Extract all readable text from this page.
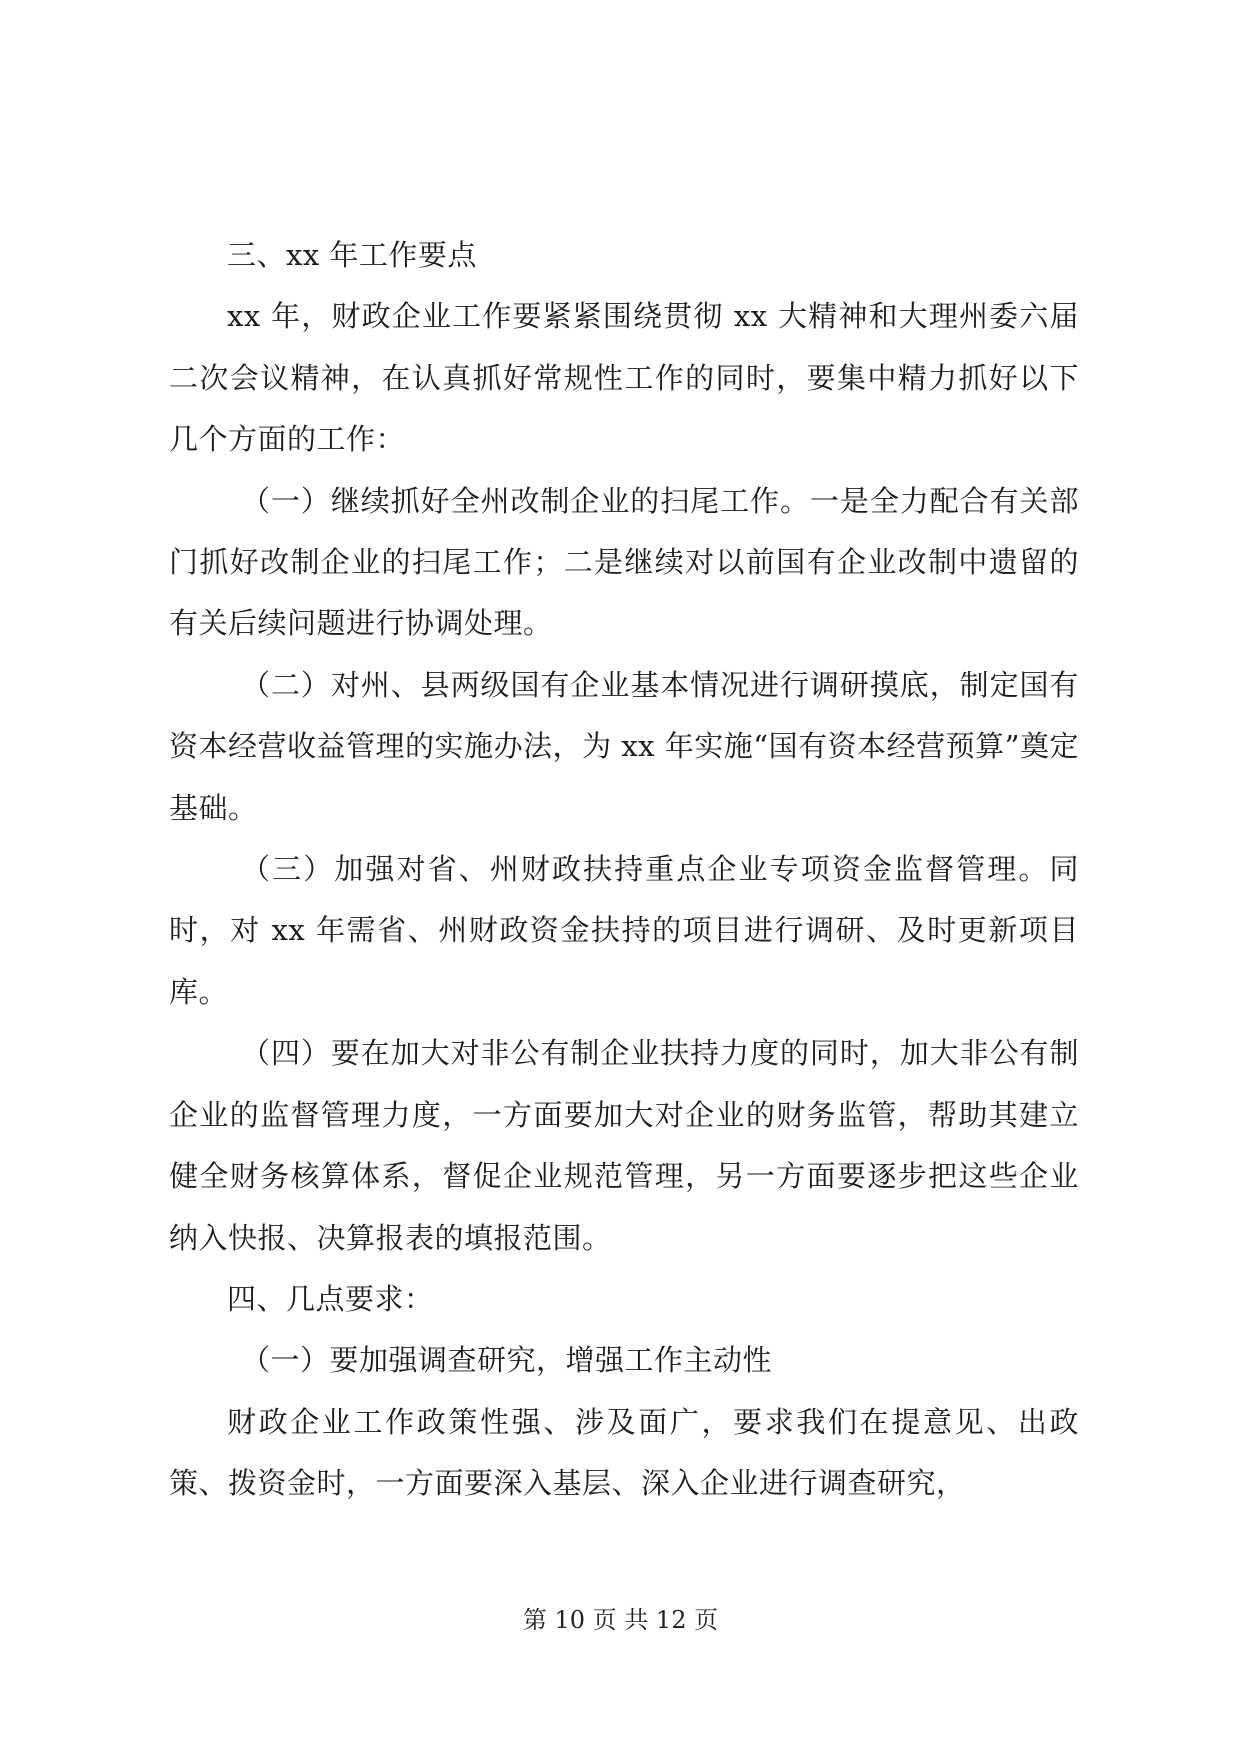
三、xx 年工作要点

xx 年，财政企业工作要紧紧围绕贯彻 xx 大精神和大理州委六届二次会议精神，在认真抓好常规性工作的同时，要集中精力抓好以下几个方面的工作：

（一）继续抓好全州改制企业的扫尾工作。一是全力配合有关部门抓好改制企业的扫尾工作；二是继续对以前国有企业改制中遗留的有关后续问题进行协调处理。

（二）对州、县两级国有企业基本情况进行调研摸底，制定国有资本经营收益管理的实施办法，为 xx 年实施“国有资本经营预算”奠定基础。

（三）加强对省、州财政扶持重点企业专项资金监督管理。同时，对 xx 年需省、州财政资金扶持的项目进行调研、及时更新项目库。

（四）要在加大对非公有制企业扶持力度的同时，加大非公有制企业的监督管理力度，一方面要加大对企业的财务监管，帮助其建立健全财务核算体系，督促企业规范管理，另一方面要逐步把这些企业纳入快报、决算报表的填报范围。

四、几点要求：

（一）要加强调查研究，增强工作主动性

财政企业工作政策性强、涉及面广，要求我们在提意见、出政策、拨资金时，一方面要深入基层、深入企业进行调查研究，

第 10 页 共 12 页
